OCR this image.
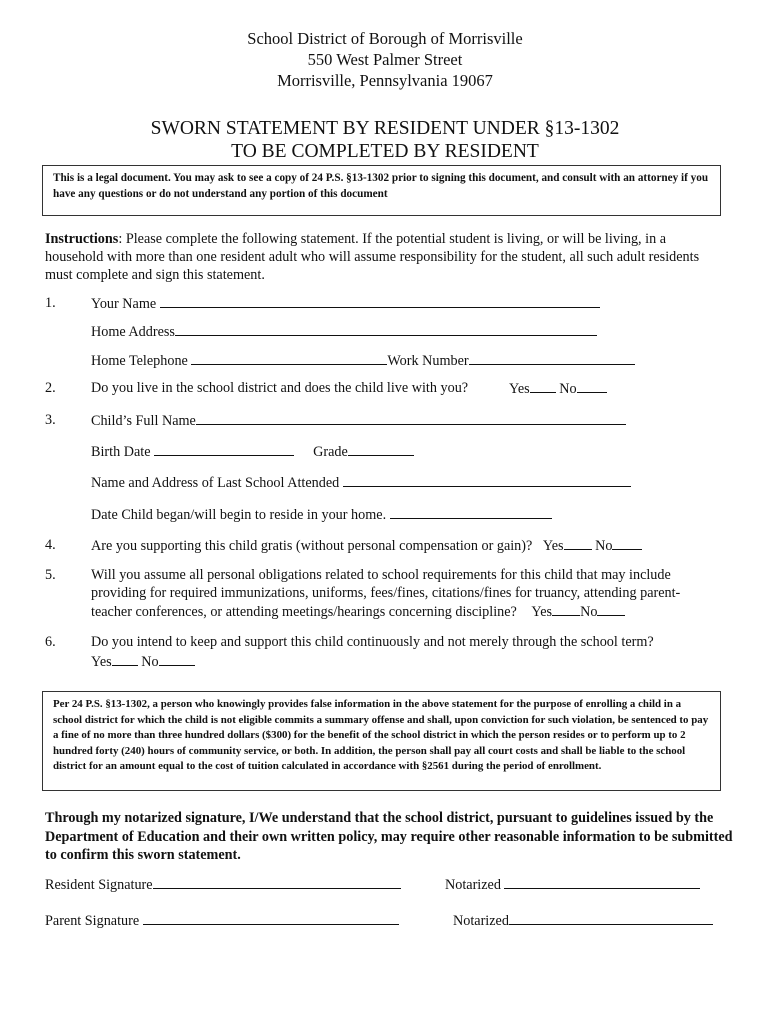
School District of Borough of Morrisville
550 West Palmer Street
Morrisville, Pennsylvania 19067
SWORN STATEMENT BY RESIDENT UNDER §13-1302
TO BE COMPLETED BY RESIDENT
This is a legal document. You may ask to see a copy of 24 P.S. §13-1302 prior to signing this document, and consult with an attorney if you have any questions or do not understand any portion of this document
Instructions: Please complete the following statement. If the potential student is living, or will be living, in a household with more than one resident adult who will assume responsibility for the student, all such adult residents must complete and sign this statement.
1. Your Name
Home Address
Home Telephone	Work Number
2. Do you live in the school district and does the child live with you?	Yes No
3. Child’s Full Name
Birth Date	Grade
Name and Address of Last School Attended
Date Child began/will begin to reside in your home.
4. Are you supporting this child gratis (without personal compensation or gain)? Yes No
5. Will you assume all personal obligations related to school requirements for this child that may include
providing for required immunizations, uniforms, fees/fines, citations/fines for truancy, attending parent-
teacher conferences, or attending meetings/hearings concerning discipline? Yes No
6. Do you intend to keep and support this child continuously and not merely through the school term?
Yes No
Per 24 P.S. §13-1302, a person who knowingly provides false information in the above statement for the purpose of enrolling a child in a school district for which the child is not eligible commits a summary offense and shall, upon conviction for such violation, be sentenced to pay a fine of no more than three hundred dollars ($300) for the benefit of the school district in which the person resides or to perform up to 2 hundred forty (240) hours of community service, or both. In addition, the person shall pay all court costs and shall be liable to the school district for an amount equal to the cost of tuition calculated in accordance with §2561 during the period of enrollment.
Through my notarized signature, I/We understand that the school district, pursuant to guidelines issued by the Department of Education and their own written policy, may require other reasonable information to be submitted to confirm this sworn statement.
Resident Signature	Notarized
Parent Signature	Notarized
